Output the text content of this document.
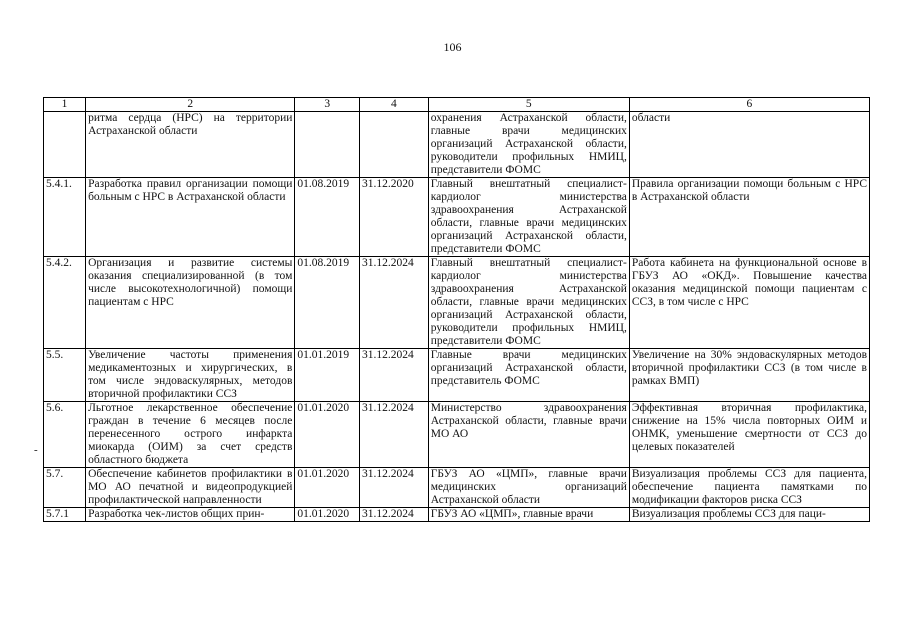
106
-
1	2	3	4	5	6
	ритма сердца (НРС) на территории Астраханской области			охранения Астраханской области, главные врачи медицинских организаций Астраханской области, руководители профильных НМИЦ, представители ФОМС	области
5.4.1.	Разработка правил организации помощи больным с НРС в Астраханской области	01.08.2019	31.12.2020	Главный внештатный специалист-кардиолог министерства здравоохранения Астраханской области, главные врачи медицинских организаций Астраханской области, представители ФОМС	Правила организации помощи больным с НРС в Астраханской области
5.4.2.	Организация и развитие системы оказания специализированной (в том числе высокотехнологичной) помощи пациентам с НРС	01.08.2019	31.12.2024	Главный внештатный специалист-кардиолог министерства здравоохранения Астраханской области, главные врачи медицинских организаций Астраханской области, руководители профильных НМИЦ, представители ФОМС	Работа кабинета на функциональной основе в ГБУЗ АО «ОКД». Повышение качества оказания медицинской помощи пациентам с ССЗ, в том числе с НРС
5.5.	Увеличение частоты применения медикаментозных и хирургических, в том числе эндоваскулярных, методов вторичной профилактики ССЗ	01.01.2019	31.12.2024	Главные врачи медицинских организаций Астраханской области, представитель ФОМС	Увеличение на 30% эндоваскулярных методов вторичной профилактики ССЗ (в том числе в рамках ВМП)
5.6.	Льготное лекарственное обеспечение граждан в течение 6 месяцев после перенесенного острого инфаркта миокарда (ОИМ) за счет средств областного бюджета	01.01.2020	31.12.2024	Министерство здравоохранения Астраханской области, главные врачи МО АО	Эффективная вторичная профилактика, снижение на 15% числа повторных ОИМ и ОНМК, уменьшение смертности от ССЗ до целевых показателей
5.7.	Обеспечение кабинетов профилактики в МО АО печатной и видеопродукцией профилактической направленности	01.01.2020	31.12.2024	ГБУЗ АО «ЦМП», главные врачи медицинских организаций Астраханской области	Визуализация проблемы ССЗ для пациента, обеспечение пациента памятками по модификации факторов риска ССЗ
5.7.1	Разработка чек-листов общих прин-	01.01.2020	31.12.2024	ГБУЗ АО «ЦМП», главные врачи	Визуализация проблемы ССЗ для паци-
